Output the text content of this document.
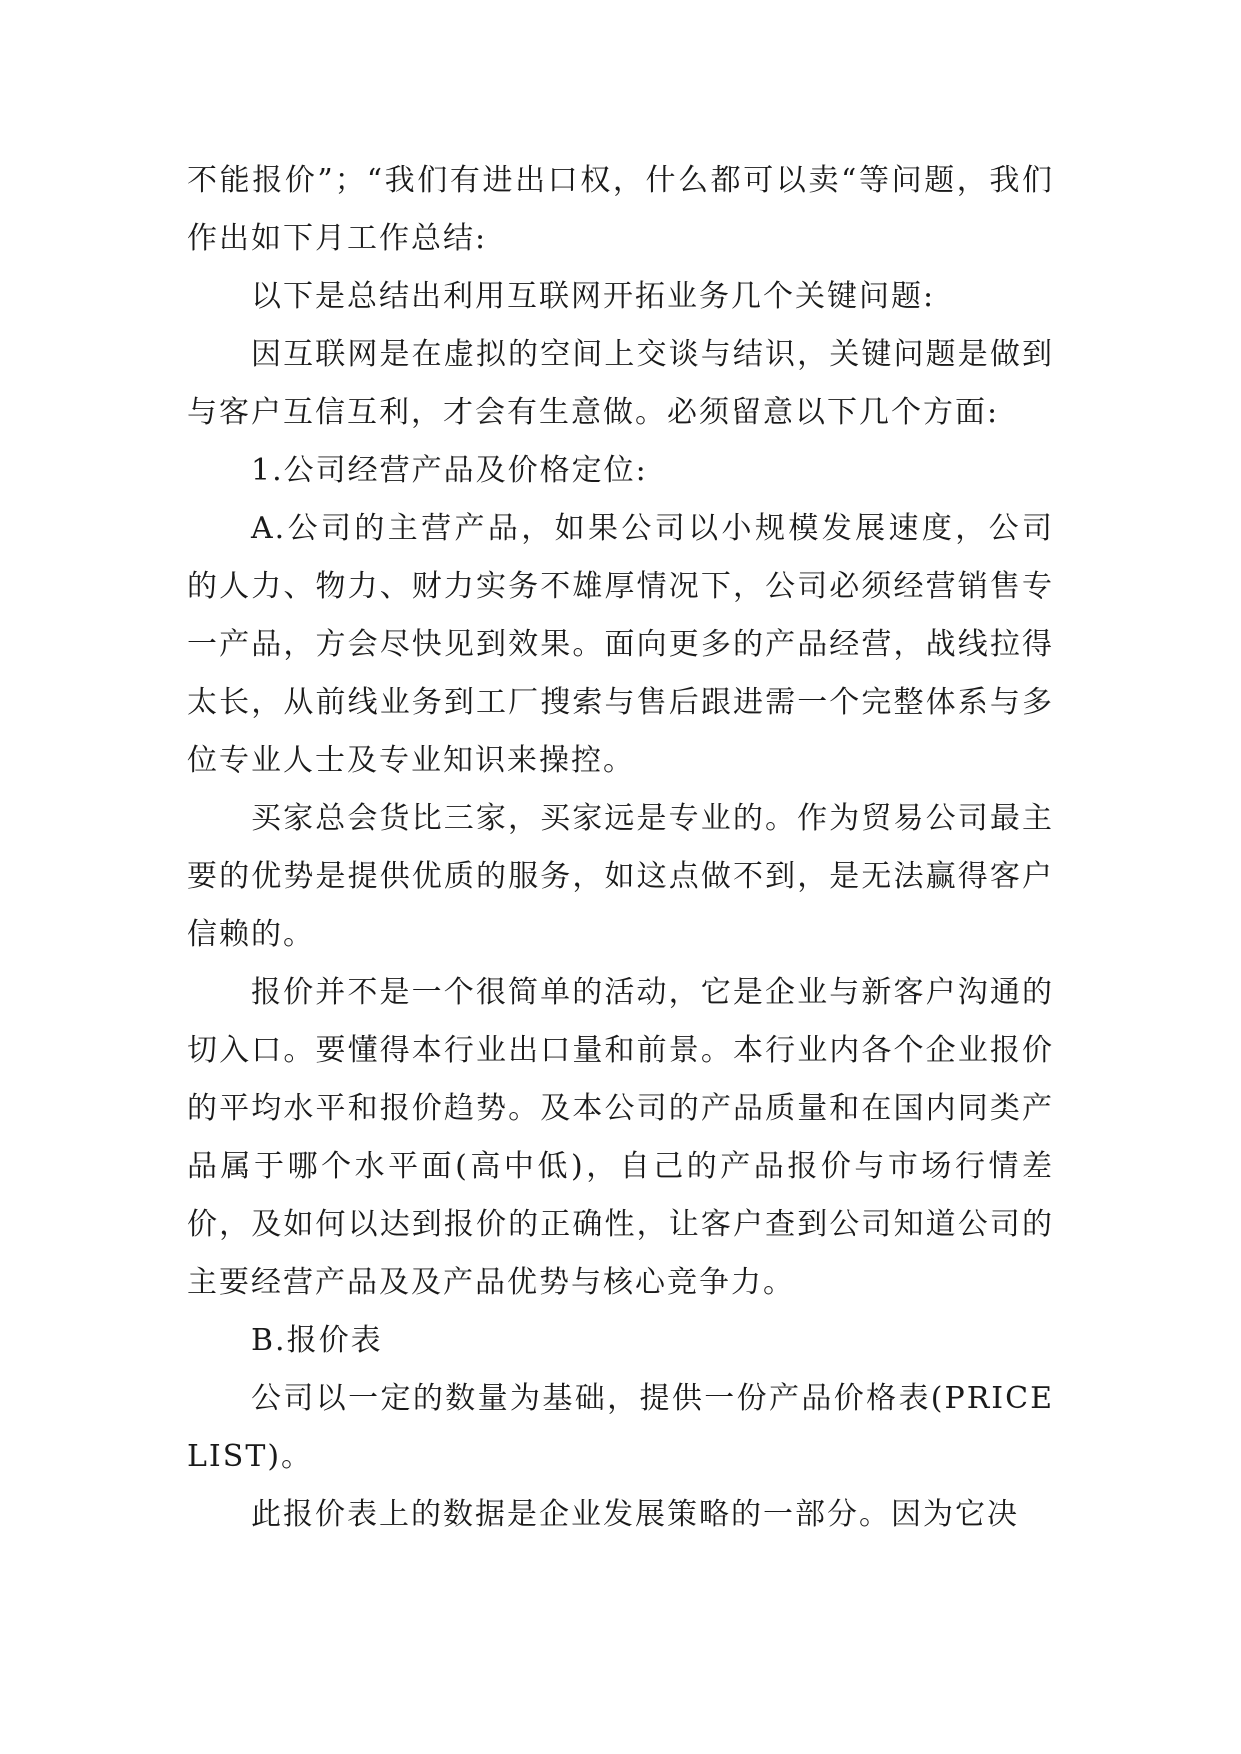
不能报价”；“我们有进出口权，什么都可以卖“等问题，我们作出如下月工作总结:

以下是总结出利用互联网开拓业务几个关键问题:

因互联网是在虚拟的空间上交谈与结识，关键问题是做到与客户互信互利，才会有生意做。必须留意以下几个方面:

1.公司经营产品及价格定位:

A.公司的主营产品，如果公司以小规模发展速度，公司的人力、物力、财力实务不雄厚情况下，公司必须经营销售专一产品，方会尽快见到效果。面向更多的产品经营，战线拉得太长，从前线业务到工厂搜索与售后跟进需一个完整体系与多位专业人士及专业知识来操控。

买家总会货比三家，买家远是专业的。作为贸易公司最主要的优势是提供优质的服务，如这点做不到，是无法赢得客户信赖的。

报价并不是一个很简单的活动，它是企业与新客户沟通的切入口。要懂得本行业出口量和前景。本行业内各个企业报价的平均水平和报价趋势。及本公司的产品质量和在国内同类产品属于哪个水平面(高中低)，自己的产品报价与市场行情差价，及如何以达到报价的正确性，让客户查到公司知道公司的主要经营产品及及产品优势与核心竞争力。

B.报价表

公司以一定的数量为基础，提供一份产品价格表(PRICELIST)。

此报价表上的数据是企业发展策略的一部分。因为它决
